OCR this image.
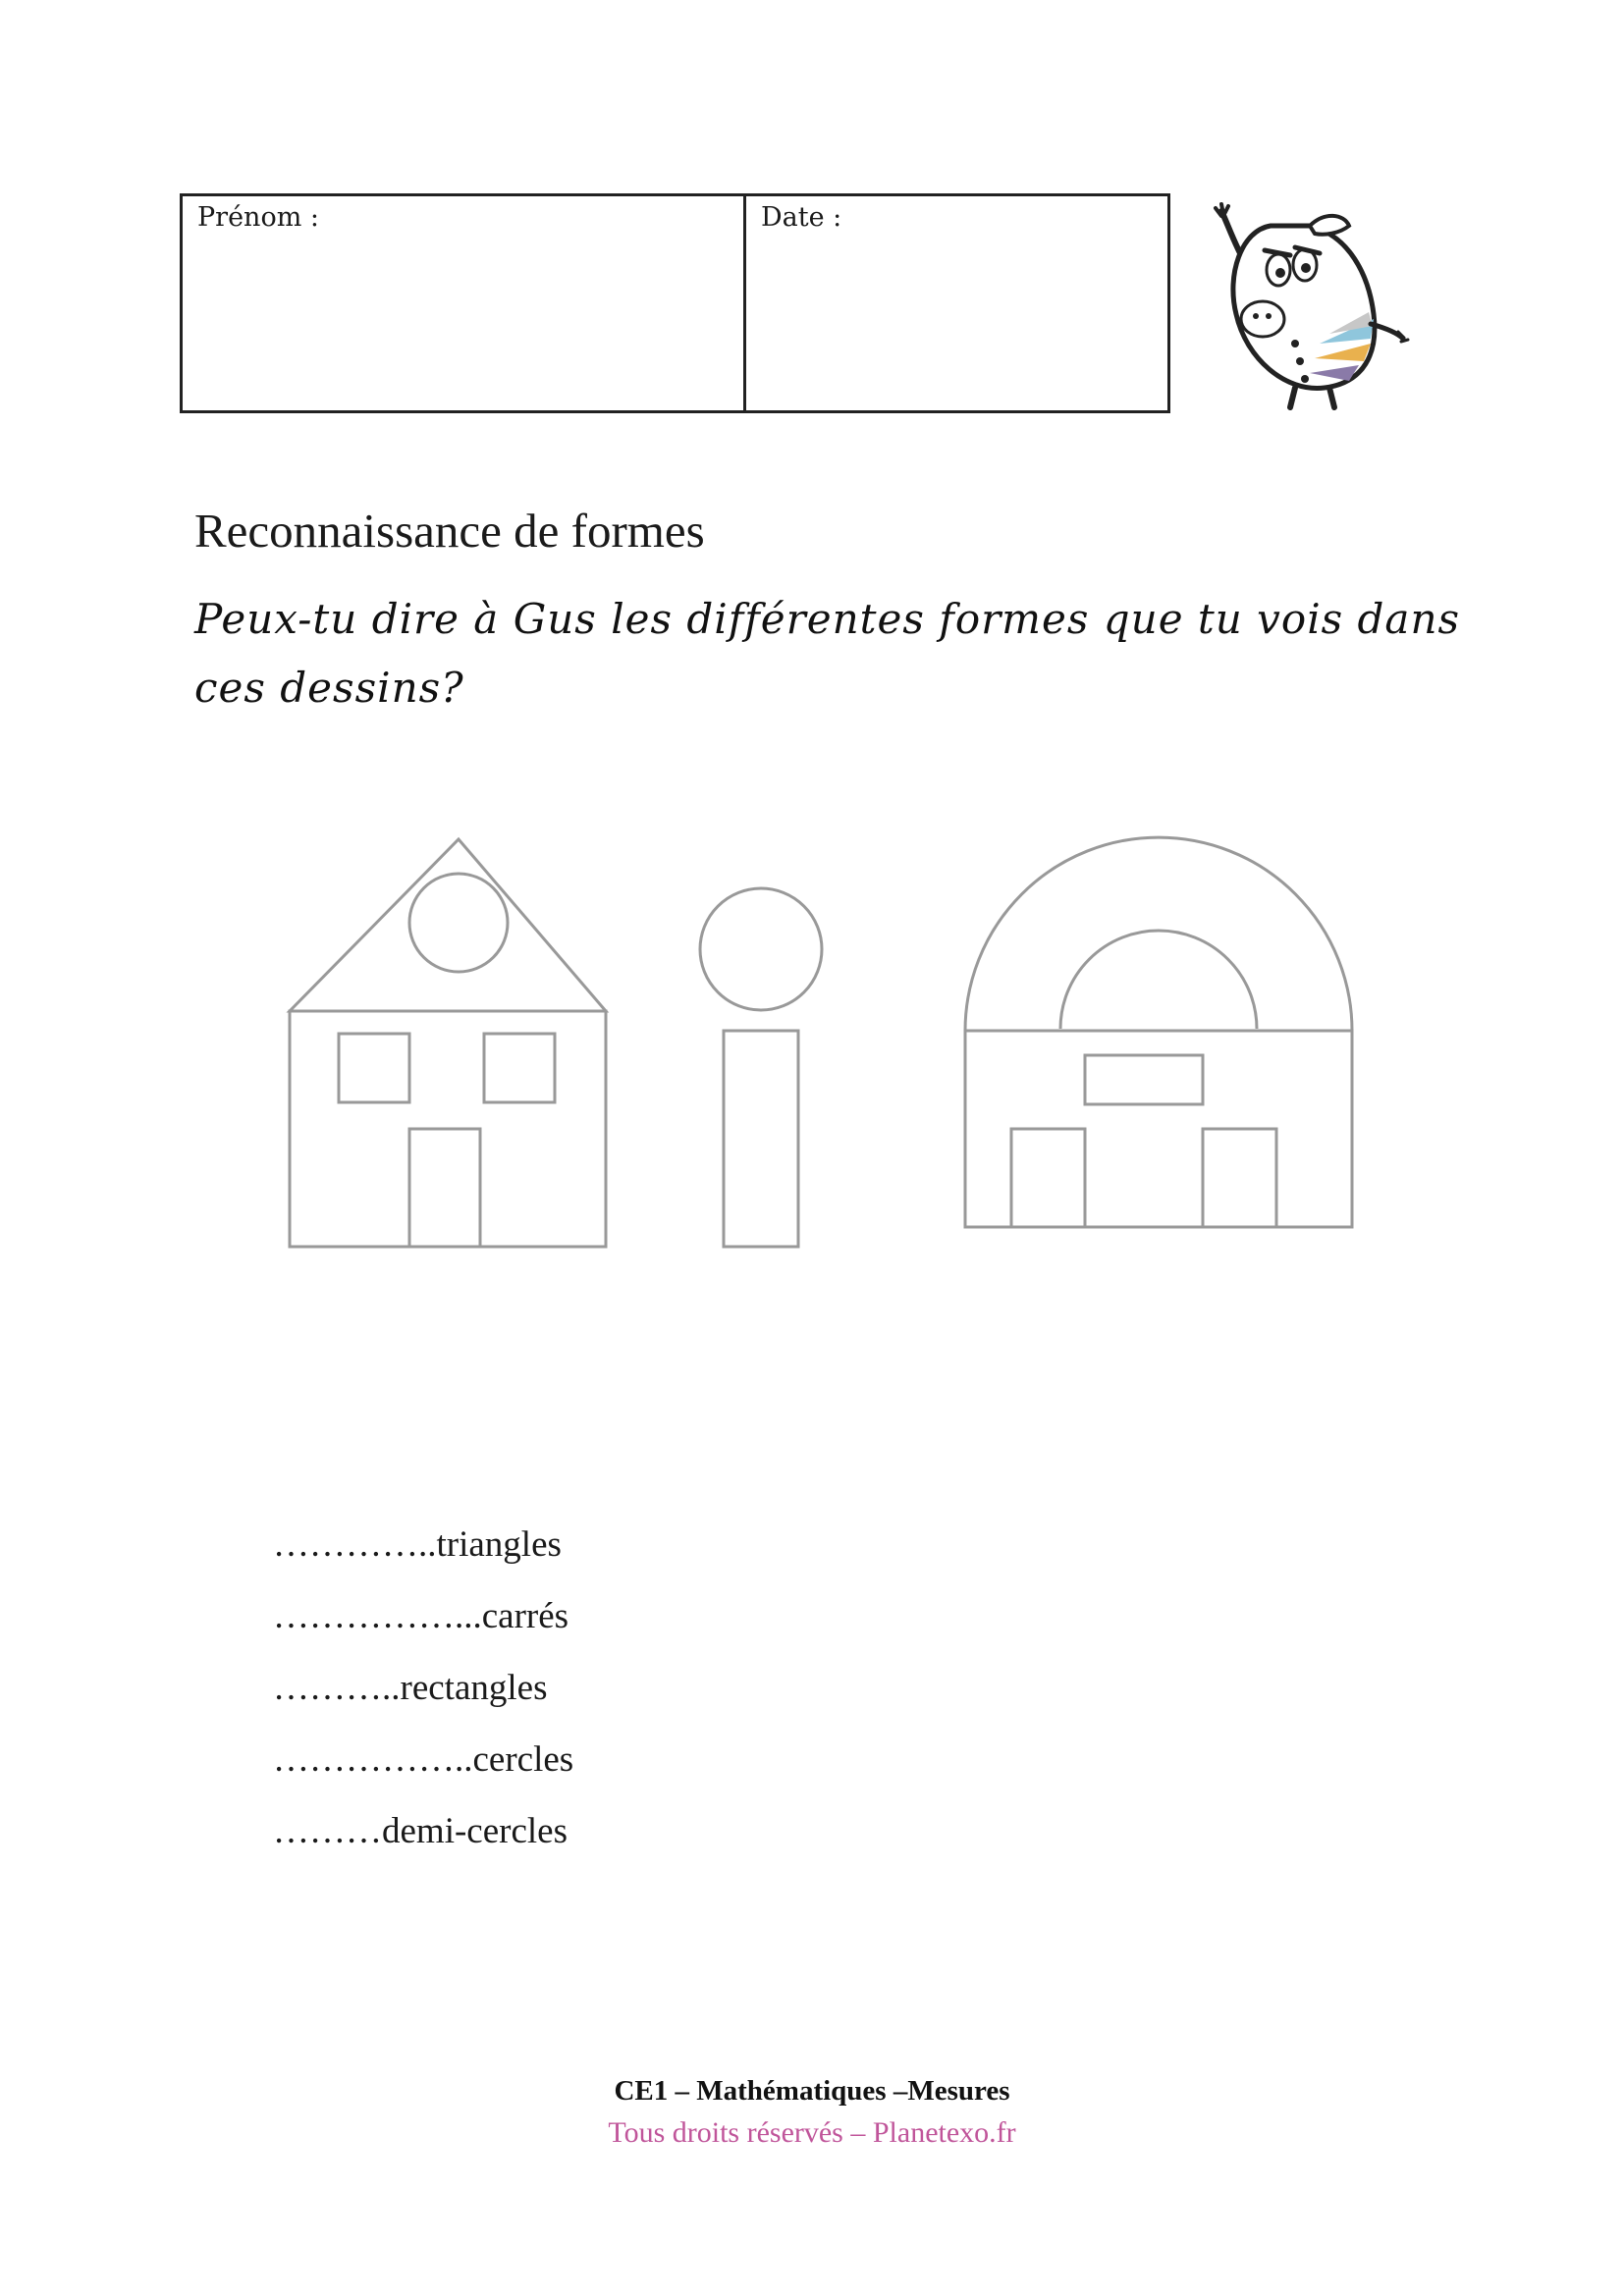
Prénom :	Date :
Reconnaissance de formes

Peux-tu dire à Gus les différentes formes que tu vois dans ces dessins?

…………..triangles
……………...carrés
………..rectangles
……………..cercles
………demi-cercles
CE1 – Mathématiques –Mesures
Tous droits réservés – Planetexo.fr
